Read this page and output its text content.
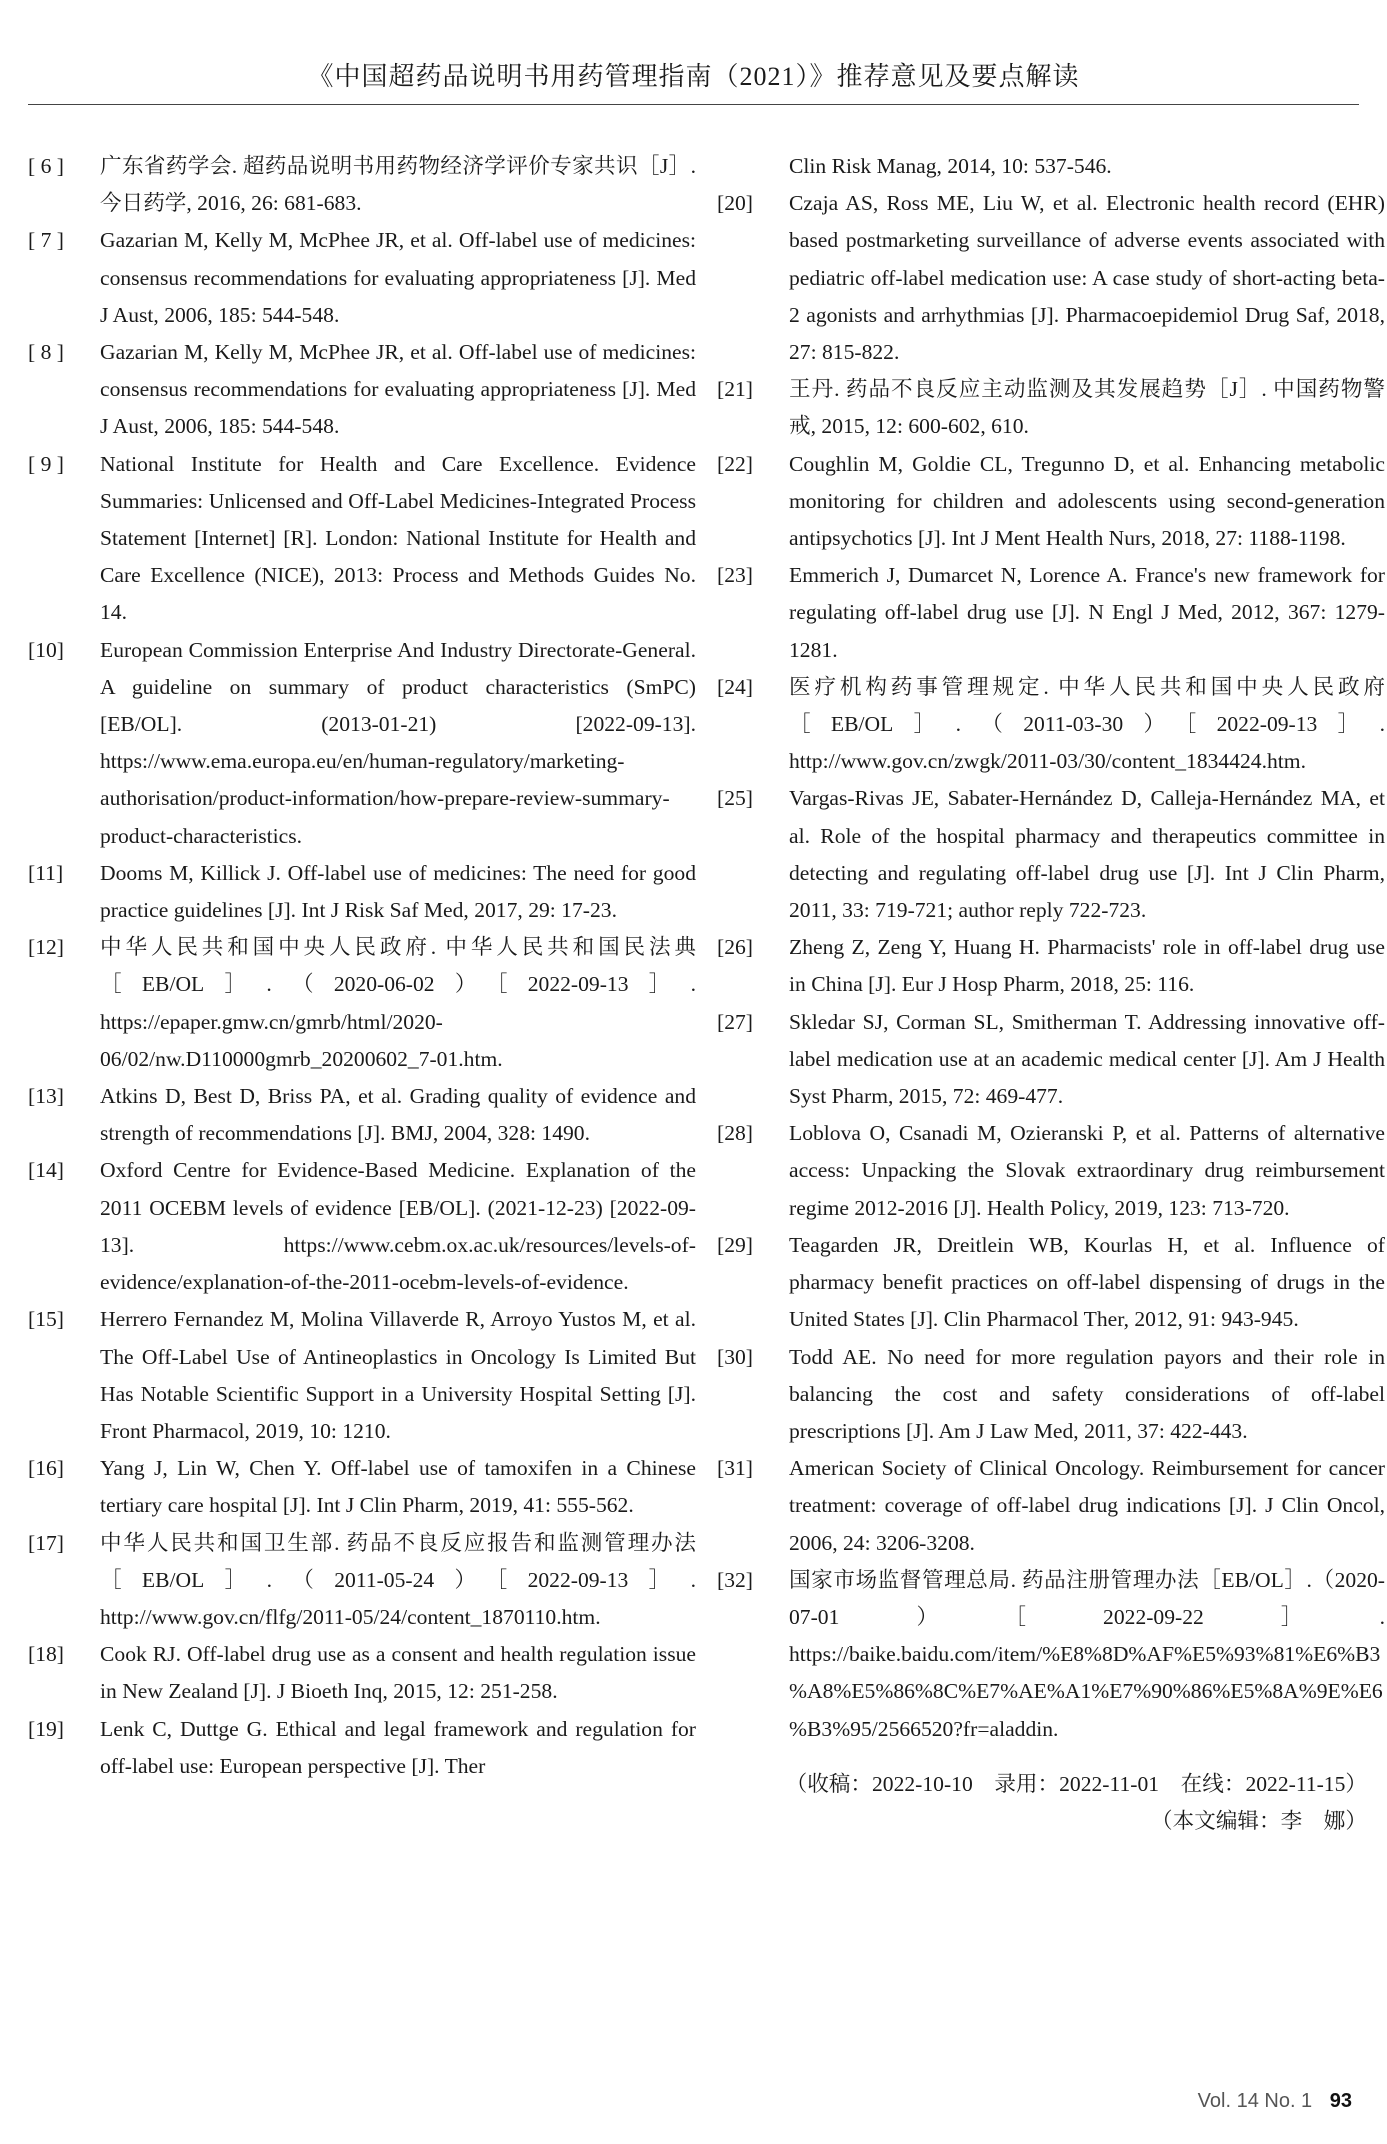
《中国超药品说明书用药管理指南（2021）》推荐意见及要点解读
[ 6 ]	广东省药学会. 超药品说明书用药物经济学评价专家共识［J］. 今日药学, 2016, 26: 681-683.
[ 7 ]	Gazarian M, Kelly M, McPhee JR, et al. Off-label use of medicines: consensus recommendations for evaluating appropriateness [J]. Med J Aust, 2006, 185: 544-548.
[ 8 ]	Gazarian M, Kelly M, McPhee JR, et al. Off-label use of medicines: consensus recommendations for evaluating appropriateness [J]. Med J Aust, 2006, 185: 544-548.
[ 9 ]	National Institute for Health and Care Excellence. Evidence Summaries: Unlicensed and Off-Label Medicines-Integrated Process Statement [Internet] [R]. London: National Institute for Health and Care Excellence (NICE), 2013: Process and Methods Guides No. 14.
[10]	European Commission Enterprise And Industry Directorate-General. A guideline on summary of product characteristics (SmPC) [EB/OL]. (2013-01-21) [2022-09-13]. https://www.ema.europa.eu/en/human-regulatory/marketing-authorisation/product-information/how-prepare-review-summary-product-characteristics.
[11]	Dooms M, Killick J. Off-label use of medicines: The need for good practice guidelines [J]. Int J Risk Saf Med, 2017, 29: 17-23.
[12]	中华人民共和国中央人民政府. 中华人民共和国民法典［EB/OL］.（2020-06-02）［2022-09-13］. https://epaper.gmw.cn/gmrb/html/2020-06/02/nw.D110000gmrb_20200602_7-01.htm.
[13]	Atkins D, Best D, Briss PA, et al. Grading quality of evidence and strength of recommendations [J]. BMJ, 2004, 328: 1490.
[14]	Oxford Centre for Evidence-Based Medicine. Explanation of the 2011 OCEBM levels of evidence [EB/OL]. (2021-12-23) [2022-09-13]. https://www.cebm.ox.ac.uk/resources/levels-of-evidence/explanation-of-the-2011-ocebm-levels-of-evidence.
[15]	Herrero Fernandez M, Molina Villaverde R, Arroyo Yustos M, et al. The Off-Label Use of Antineoplastics in Oncology Is Limited But Has Notable Scientific Support in a University Hospital Setting [J]. Front Pharmacol, 2019, 10: 1210.
[16]	Yang J, Lin W, Chen Y. Off-label use of tamoxifen in a Chinese tertiary care hospital [J]. Int J Clin Pharm, 2019, 41: 555-562.
[17]	中华人民共和国卫生部. 药品不良反应报告和监测管理办法［EB/OL］.（2011-05-24）［2022-09-13］. http://www.gov.cn/flfg/2011-05/24/content_1870110.htm.
[18]	Cook RJ. Off-label drug use as a consent and health regulation issue in New Zealand [J]. J Bioeth Inq, 2015, 12: 251-258.
[19]	Lenk C, Duttge G. Ethical and legal framework and regulation for off-label use: European perspective [J]. Ther
Clin Risk Manag, 2014, 10: 537-546.
[20]	Czaja AS, Ross ME, Liu W, et al. Electronic health record (EHR) based postmarketing surveillance of adverse events associated with pediatric off-label medication use: A case study of short-acting beta-2 agonists and arrhythmias [J]. Pharmacoepidemiol Drug Saf, 2018, 27: 815-822.
[21]	王丹. 药品不良反应主动监测及其发展趋势［J］. 中国药物警戒, 2015, 12: 600-602, 610.
[22]	Coughlin M, Goldie CL, Tregunno D, et al. Enhancing metabolic monitoring for children and adolescents using second-generation antipsychotics [J]. Int J Ment Health Nurs, 2018, 27: 1188-1198.
[23]	Emmerich J, Dumarcet N, Lorence A. France's new framework for regulating off-label drug use [J]. N Engl J Med, 2012, 367: 1279-1281.
[24]	医疗机构药事管理规定. 中华人民共和国中央人民政府［EB/OL］.（2011-03-30）［2022-09-13］. http://www.gov.cn/zwgk/2011-03/30/content_1834424.htm.
[25]	Vargas-Rivas JE, Sabater-Hernández D, Calleja-Hernández MA, et al. Role of the hospital pharmacy and therapeutics committee in detecting and regulating off-label drug use [J]. Int J Clin Pharm, 2011, 33: 719-721; author reply 722-723.
[26]	Zheng Z, Zeng Y, Huang H. Pharmacists' role in off-label drug use in China [J]. Eur J Hosp Pharm, 2018, 25: 116.
[27]	Skledar SJ, Corman SL, Smitherman T. Addressing innovative off-label medication use at an academic medical center [J]. Am J Health Syst Pharm, 2015, 72: 469-477.
[28]	Loblova O, Csanadi M, Ozieranski P, et al. Patterns of alternative access: Unpacking the Slovak extraordinary drug reimbursement regime 2012-2016 [J]. Health Policy, 2019, 123: 713-720.
[29]	Teagarden JR, Dreitlein WB, Kourlas H, et al. Influence of pharmacy benefit practices on off-label dispensing of drugs in the United States [J]. Clin Pharmacol Ther, 2012, 91: 943-945.
[30]	Todd AE. No need for more regulation payors and their role in balancing the cost and safety considerations of off-label prescriptions [J]. Am J Law Med, 2011, 37: 422-443.
[31]	American Society of Clinical Oncology. Reimbursement for cancer treatment: coverage of off-label drug indications [J]. J Clin Oncol, 2006, 24: 3206-3208.
[32]	国家市场监督管理总局. 药品注册管理办法［EB/OL］.（2020-07-01）［2022-09-22］. https://baike.baidu.com/item/%E8%8D%AF%E5%93%81%E6%B3%A8%E5%86%8C%E7%AE%A1%E7%90%86%E5%8A%9E%E6%B3%95/2566520?fr=aladdin.
（收稿：2022-10-10　录用：2022-11-01　在线：2022-11-15）
（本文编辑：李　娜）
Vol. 14 No. 1 93
